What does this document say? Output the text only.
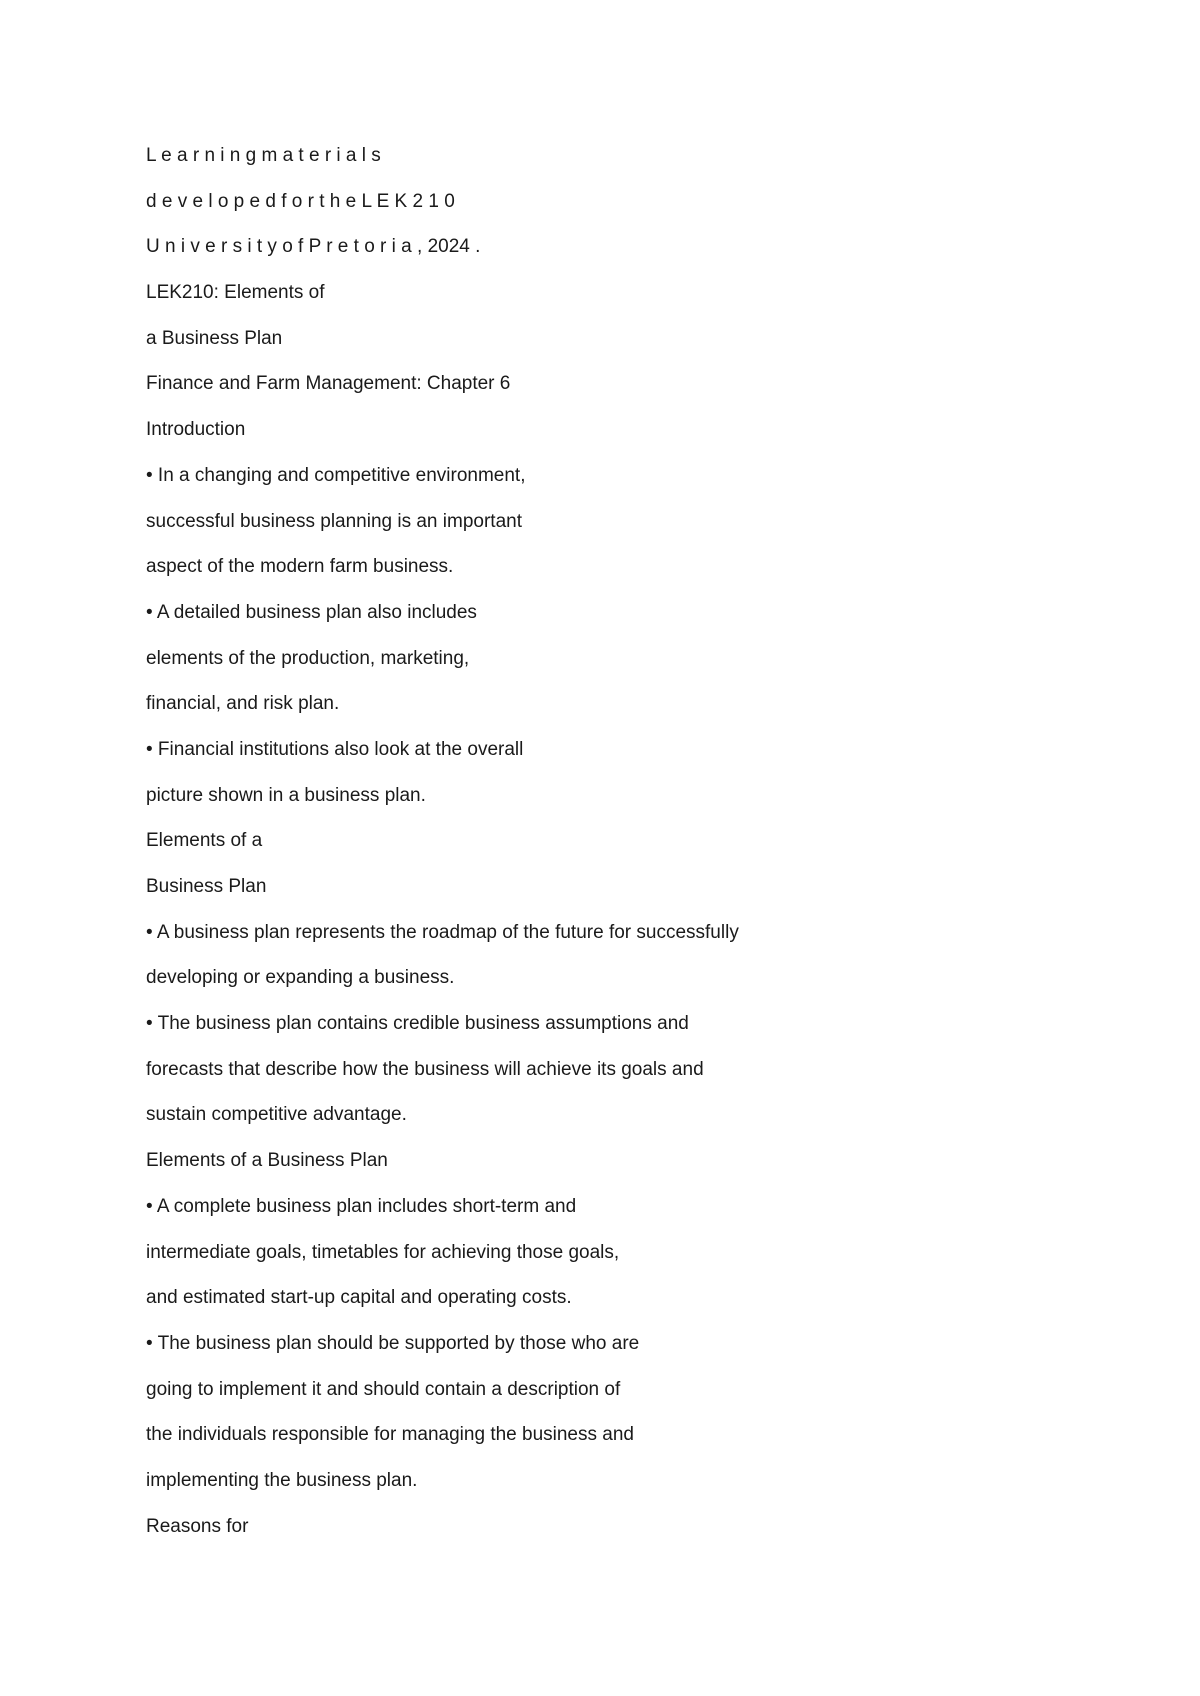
L e a r n i n g m a t e r i a l s
d e v e l o p e d f o r t h e L E K 2 1 0
U n i v e r s i t y o f P r e t o r i a , 2024 .
LEK210: Elements of
a Business Plan
Finance and Farm Management: Chapter 6
Introduction
• In a changing and competitive environment,
successful business planning is an important
aspect of the modern farm business.
• A detailed business plan also includes
elements of the production, marketing,
financial, and risk plan.
• Financial institutions also look at the overall
picture shown in a business plan.
Elements of a
Business Plan
• A business plan represents the roadmap of the future for successfully
developing or expanding a business.
• The business plan contains credible business assumptions and
forecasts that describe how the business will achieve its goals and
sustain competitive advantage.
Elements of a Business Plan
• A complete business plan includes short-term and
intermediate goals, timetables for achieving those goals,
and estimated start-up capital and operating costs.
• The business plan should be supported by those who are
going to implement it and should contain a description of
the individuals responsible for managing the business and
implementing the business plan.
Reasons for
